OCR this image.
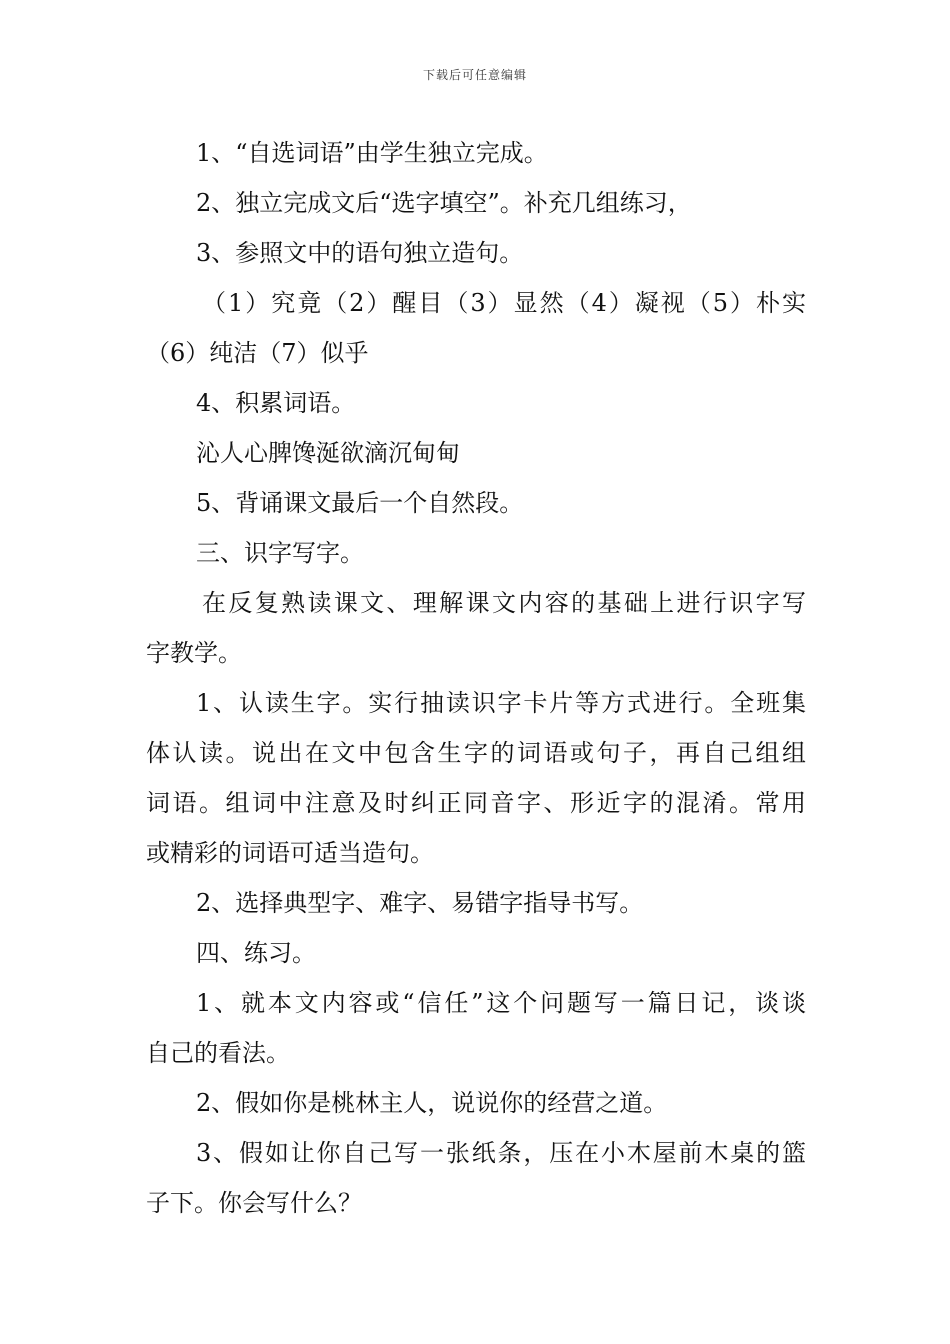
下载后可任意编辑
1、“自选词语”由学生独立完成。
2、独立完成文后“选字填空”。补充几组练习，
3、参照文中的语句独立造句。
（1）究竟（2）醒目（3）显然（4）凝视（5）朴实
（6）纯洁（7）似乎
4、积累词语。
沁人心脾馋涎欲滴沉甸甸
5、背诵课文最后一个自然段。
三、识字写字。
在反复熟读课文、理解课文内容的基础上进行识字写
字教学。
1、认读生字。实行抽读识字卡片等方式进行。全班集
体认读。说出在文中包含生字的词语或句子，再自己组组
词语。组词中注意及时纠正同音字、形近字的混淆。常用
或精彩的词语可适当造句。
2、选择典型字、难字、易错字指导书写。
四、练习。
1、就本文内容或“信任”这个问题写一篇日记，谈谈
自己的看法。
2、假如你是桃林主人，说说你的经营之道。
3、假如让你自己写一张纸条，压在小木屋前木桌的篮
子下。你会写什么？
